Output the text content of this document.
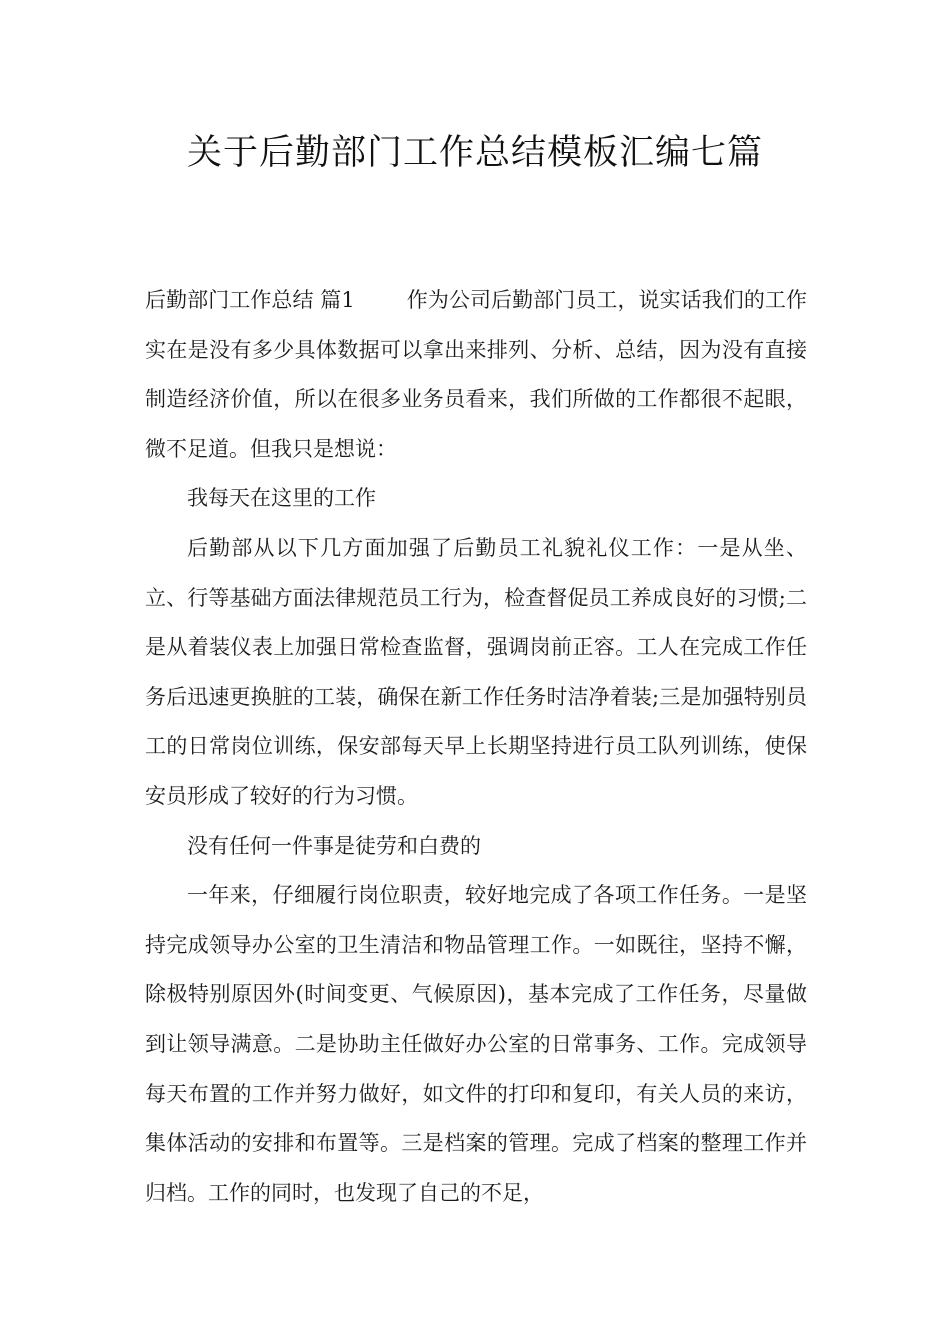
关于后勤部门工作总结模板汇编七篇

后勤部门工作总结 篇1 作为公司后勤部门员工，说实话我们的工作实在是没有多少具体数据可以拿出来排列、分析、总结，因为没有直接制造经济价值，所以在很多业务员看来，我们所做的工作都很不起眼，微不足道。但我只是想说：

我每天在这里的工作

后勤部从以下几方面加强了后勤员工礼貌礼仪工作：一是从坐、立、行等基础方面法律规范员工行为，检查督促员工养成良好的习惯;二是从着装仪表上加强日常检查监督，强调岗前正容。工人在完成工作任务后迅速更换脏的工装，确保在新工作任务时洁净着装;三是加强特别员工的日常岗位训练，保安部每天早上长期坚持进行员工队列训练，使保安员形成了较好的行为习惯。

没有任何一件事是徒劳和白费的

一年来，仔细履行岗位职责，较好地完成了各项工作任务。一是坚持完成领导办公室的卫生清洁和物品管理工作。一如既往，坚持不懈，除极特别原因外(时间变更、气候原因)，基本完成了工作任务，尽量做到让领导满意。二是协助主任做好办公室的日常事务、工作。完成领导每天布置的工作并努力做好，如文件的打印和复印，有关人员的来访，集体活动的安排和布置等。三是档案的管理。完成了档案的整理工作并归档。工作的同时，也发现了自己的不足，
